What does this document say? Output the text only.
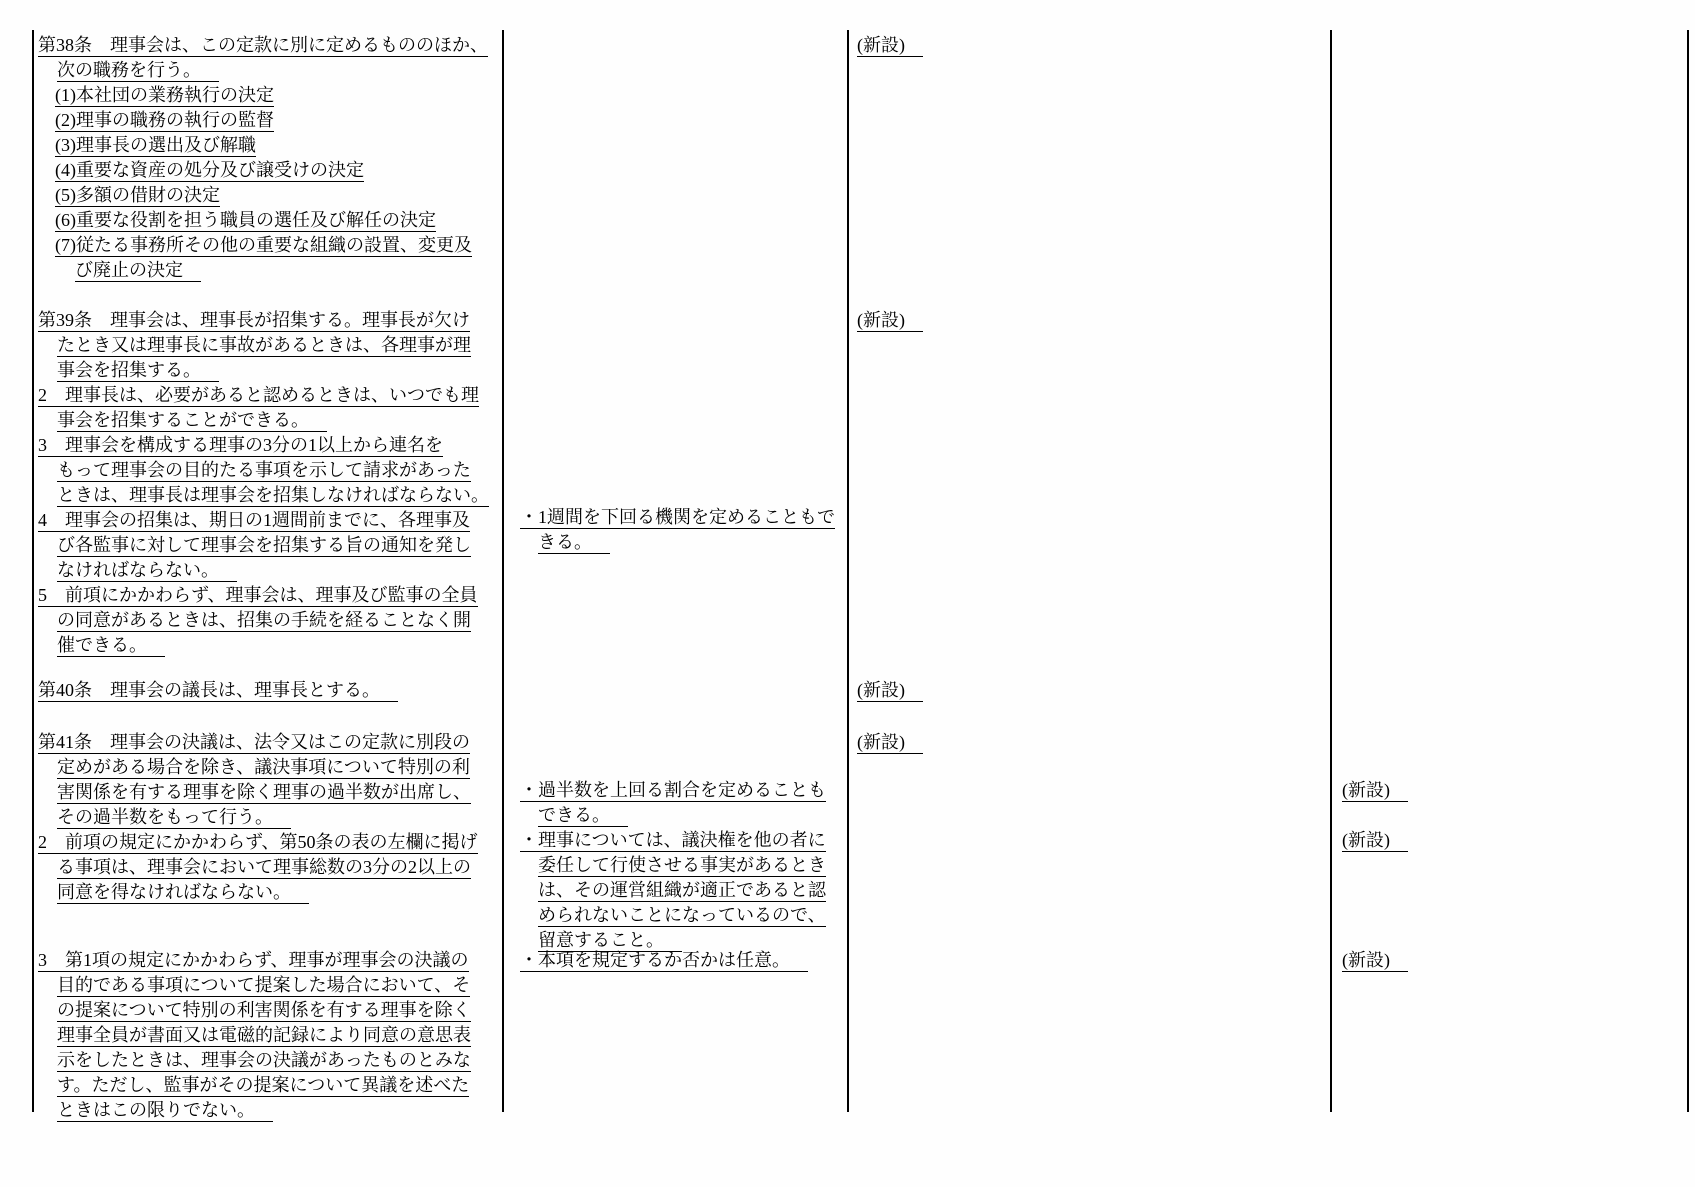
第38条　理事会は、この定款に別に定めるもののほか、
次の職務を行う。
(1)本社団の業務執行の決定
(2)理事の職務の執行の監督
(3)理事長の選出及び解職
(4)重要な資産の処分及び譲受けの決定
(5)多額の借財の決定
(6)重要な役割を担う職員の選任及び解任の決定
(7)従たる事務所その他の重要な組織の設置、変更及
び廃止の決定
第39条　理事会は、理事長が招集する。理事長が欠け
たとき又は理事長に事故があるときは、各理事が理
事会を招集する。
2　理事長は、必要があると認めるときは、いつでも理
事会を招集することができる。
3　理事会を構成する理事の3分の1以上から連名を
もって理事会の目的たる事項を示して請求があった
ときは、理事長は理事会を招集しなければならない。
4　理事会の招集は、期日の1週間前までに、各理事及
び各監事に対して理事会を招集する旨の通知を発し
なければならない。
5　前項にかかわらず、理事会は、理事及び監事の全員
の同意があるときは、招集の手続を経ることなく開
催できる。
第40条　理事会の議長は、理事長とする。
第41条　理事会の決議は、法令又はこの定款に別段の
定めがある場合を除き、議決事項について特別の利
害関係を有する理事を除く理事の過半数が出席し、
その過半数をもって行う。
2　前項の規定にかかわらず、第50条の表の左欄に掲げ
る事項は、理事会において理事総数の3分の2以上の
同意を得なければならない。
3　第1項の規定にかかわらず、理事が理事会の決議の
目的である事項について提案した場合において、そ
の提案について特別の利害関係を有する理事を除く
理事全員が書面又は電磁的記録により同意の意思表
示をしたときは、理事会の決議があったものとみな
す。ただし、監事がその提案について異議を述べた
ときはこの限りでない。
・1週間を下回る機関を定めることもで
きる。
・過半数を上回る割合を定めることも
できる。
・理事については、議決権を他の者に
委任して行使させる事実があるとき
は、その運営組織が適正であると認
められないことになっているので、
留意すること。
・本項を規定するか否かは任意。
(新設)
(新設)
(新設)
(新設)
(新設)
(新設)
(新設)
